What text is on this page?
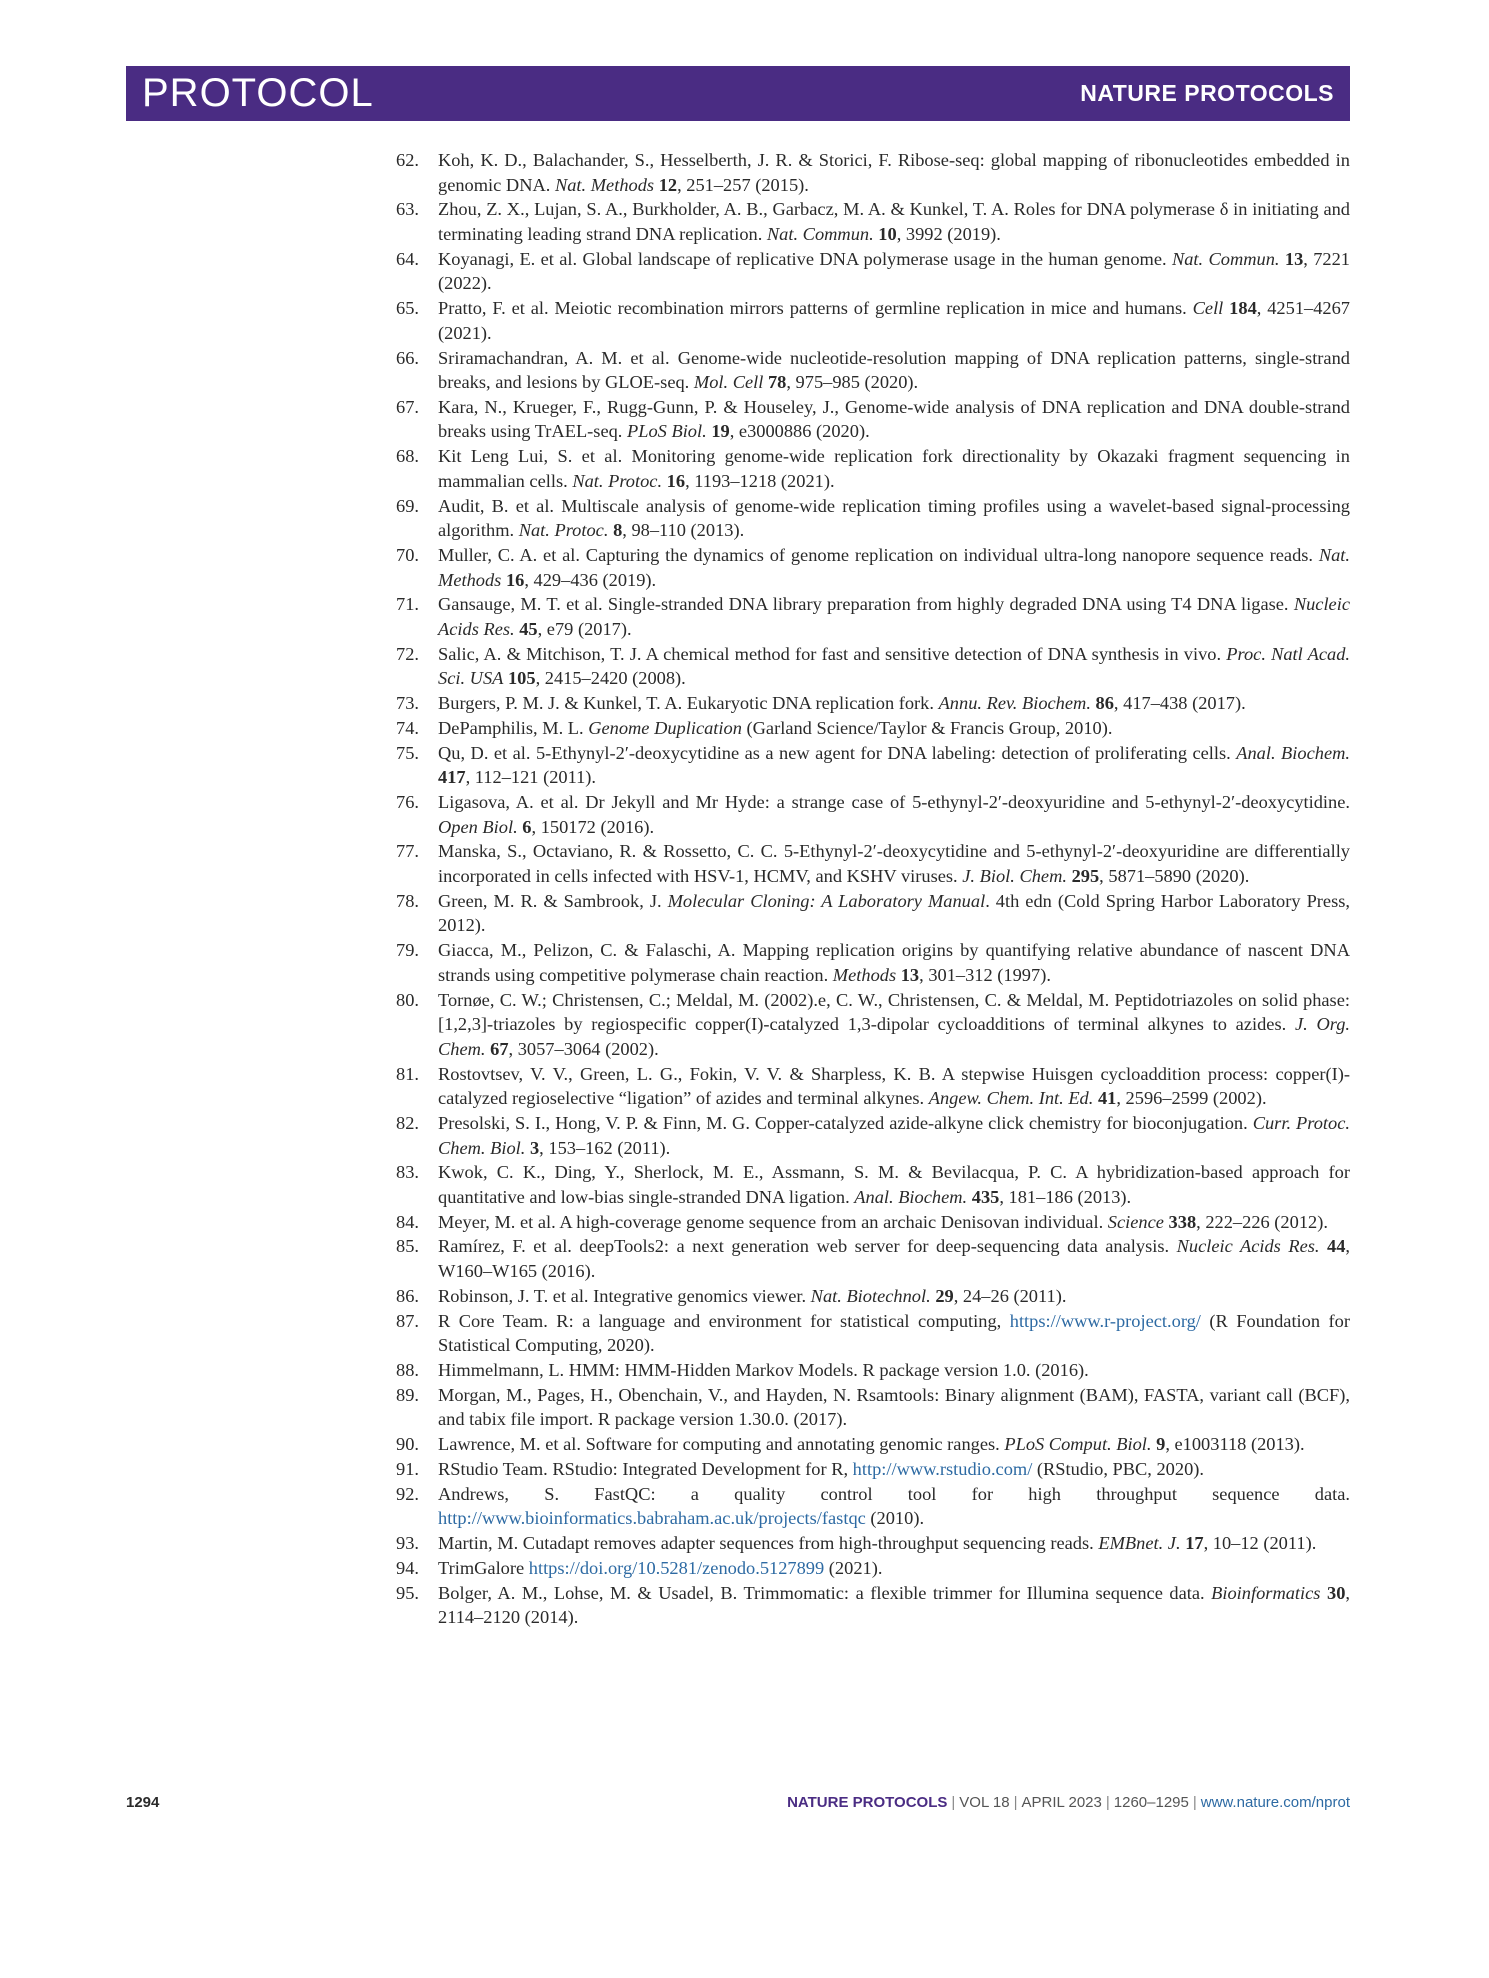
PROTOCOL	NATURE PROTOCOLS
62. Koh, K. D., Balachander, S., Hesselberth, J. R. & Storici, F. Ribose-seq: global mapping of ribonucleotides embedded in genomic DNA. Nat. Methods 12, 251–257 (2015).
63. Zhou, Z. X., Lujan, S. A., Burkholder, A. B., Garbacz, M. A. & Kunkel, T. A. Roles for DNA polymerase δ in initiating and terminating leading strand DNA replication. Nat. Commun. 10, 3992 (2019).
64. Koyanagi, E. et al. Global landscape of replicative DNA polymerase usage in the human genome. Nat. Commun. 13, 7221 (2022).
65. Pratto, F. et al. Meiotic recombination mirrors patterns of germline replication in mice and humans. Cell 184, 4251–4267 (2021).
66. Sriramachandran, A. M. et al. Genome-wide nucleotide-resolution mapping of DNA replication patterns, single-strand breaks, and lesions by GLOE-seq. Mol. Cell 78, 975–985 (2020).
67. Kara, N., Krueger, F., Rugg-Gunn, P. & Houseley, J., Genome-wide analysis of DNA replication and DNA double-strand breaks using TrAEL-seq. PLoS Biol. 19, e3000886 (2020).
68. Kit Leng Lui, S. et al. Monitoring genome-wide replication fork directionality by Okazaki fragment sequencing in mammalian cells. Nat. Protoc. 16, 1193–1218 (2021).
69. Audit, B. et al. Multiscale analysis of genome-wide replication timing profiles using a wavelet-based signal-processing algorithm. Nat. Protoc. 8, 98–110 (2013).
70. Muller, C. A. et al. Capturing the dynamics of genome replication on individual ultra-long nanopore sequence reads. Nat. Methods 16, 429–436 (2019).
71. Gansauge, M. T. et al. Single-stranded DNA library preparation from highly degraded DNA using T4 DNA ligase. Nucleic Acids Res. 45, e79 (2017).
72. Salic, A. & Mitchison, T. J. A chemical method for fast and sensitive detection of DNA synthesis in vivo. Proc. Natl Acad. Sci. USA 105, 2415–2420 (2008).
73. Burgers, P. M. J. & Kunkel, T. A. Eukaryotic DNA replication fork. Annu. Rev. Biochem. 86, 417–438 (2017).
74. DePamphilis, M. L. Genome Duplication (Garland Science/Taylor & Francis Group, 2010).
75. Qu, D. et al. 5-Ethynyl-2′-deoxycytidine as a new agent for DNA labeling: detection of proliferating cells. Anal. Biochem. 417, 112–121 (2011).
76. Ligasova, A. et al. Dr Jekyll and Mr Hyde: a strange case of 5-ethynyl-2′-deoxyuridine and 5-ethynyl-2′-deoxycytidine. Open Biol. 6, 150172 (2016).
77. Manska, S., Octaviano, R. & Rossetto, C. C. 5-Ethynyl-2′-deoxycytidine and 5-ethynyl-2′-deoxyuridine are differentially incorporated in cells infected with HSV-1, HCMV, and KSHV viruses. J. Biol. Chem. 295, 5871–5890 (2020).
78. Green, M. R. & Sambrook, J. Molecular Cloning: A Laboratory Manual. 4th edn (Cold Spring Harbor Laboratory Press, 2012).
79. Giacca, M., Pelizon, C. & Falaschi, A. Mapping replication origins by quantifying relative abundance of nascent DNA strands using competitive polymerase chain reaction. Methods 13, 301–312 (1997).
80. Tornøe, C. W.; Christensen, C.; Meldal, M. (2002).e, C. W., Christensen, C. & Meldal, M. Peptidotriazoles on solid phase: [1,2,3]-triazoles by regiospecific copper(I)-catalyzed 1,3-dipolar cycloadditions of terminal alkynes to azides. J. Org. Chem. 67, 3057–3064 (2002).
81. Rostovtsev, V. V., Green, L. G., Fokin, V. V. & Sharpless, K. B. A stepwise Huisgen cycloaddition process: copper(I)-catalyzed regioselective “ligation” of azides and terminal alkynes. Angew. Chem. Int. Ed. 41, 2596–2599 (2002).
82. Presolski, S. I., Hong, V. P. & Finn, M. G. Copper-catalyzed azide-alkyne click chemistry for bioconjugation. Curr. Protoc. Chem. Biol. 3, 153–162 (2011).
83. Kwok, C. K., Ding, Y., Sherlock, M. E., Assmann, S. M. & Bevilacqua, P. C. A hybridization-based approach for quantitative and low-bias single-stranded DNA ligation. Anal. Biochem. 435, 181–186 (2013).
84. Meyer, M. et al. A high-coverage genome sequence from an archaic Denisovan individual. Science 338, 222–226 (2012).
85. Ramírez, F. et al. deepTools2: a next generation web server for deep-sequencing data analysis. Nucleic Acids Res. 44, W160–W165 (2016).
86. Robinson, J. T. et al. Integrative genomics viewer. Nat. Biotechnol. 29, 24–26 (2011).
87. R Core Team. R: a language and environment for statistical computing, https://www.r-project.org/ (R Foundation for Statistical Computing, 2020).
88. Himmelmann, L. HMM: HMM-Hidden Markov Models. R package version 1.0. (2016).
89. Morgan, M., Pages, H., Obenchain, V., and Hayden, N. Rsamtools: Binary alignment (BAM), FASTA, variant call (BCF), and tabix file import. R package version 1.30.0. (2017).
90. Lawrence, M. et al. Software for computing and annotating genomic ranges. PLoS Comput. Biol. 9, e1003118 (2013).
91. RStudio Team. RStudio: Integrated Development for R, http://www.rstudio.com/ (RStudio, PBC, 2020).
92. Andrews, S. FastQC: a quality control tool for high throughput sequence data. http://www.bioinformatics.babraham.ac.uk/projects/fastqc (2010).
93. Martin, M. Cutadapt removes adapter sequences from high-throughput sequencing reads. EMBnet. J. 17, 10–12 (2011).
94. TrimGalore https://doi.org/10.5281/zenodo.5127899 (2021).
95. Bolger, A. M., Lohse, M. & Usadel, B. Trimmomatic: a flexible trimmer for Illumina sequence data. Bioinformatics 30, 2114–2120 (2014).
1294	NATURE PROTOCOLS | VOL 18 | APRIL 2023 | 1260–1295 | www.nature.com/nprot
